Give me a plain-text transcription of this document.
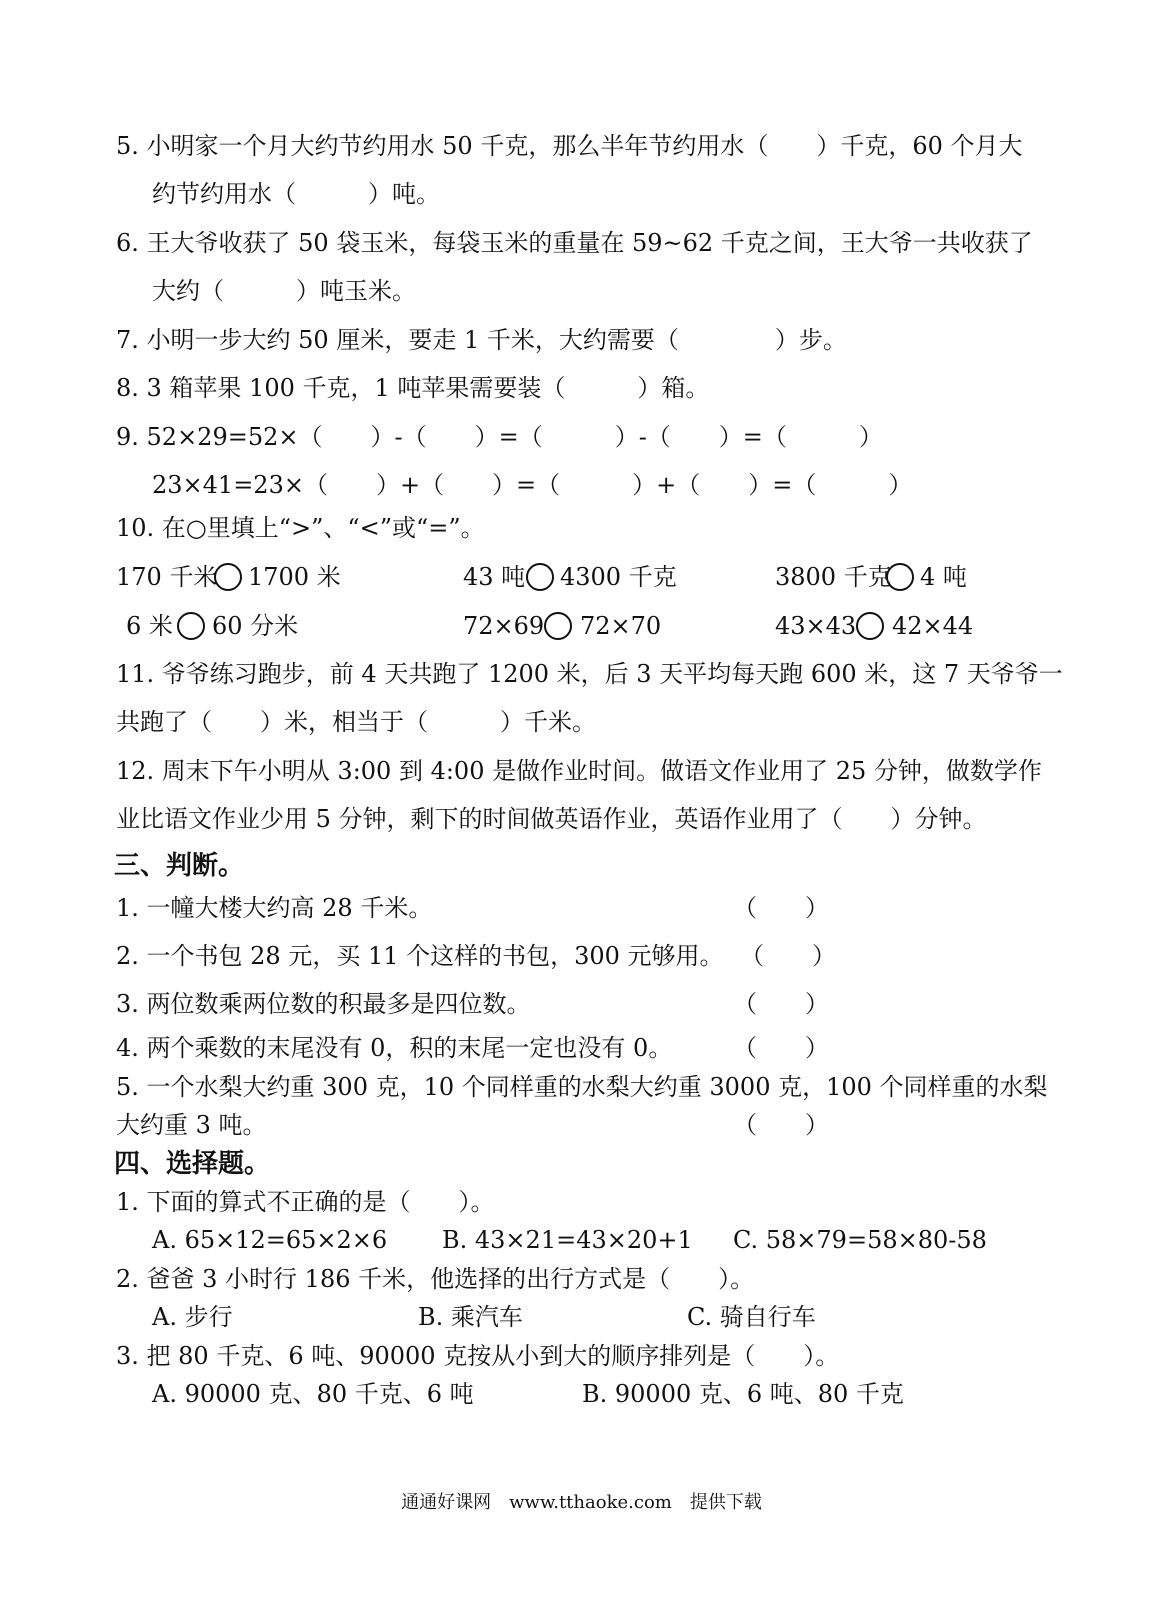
5. 小明家一个月大约节约用水 50 千克，那么半年节约用水（　　）千克，60 个月大
约节约用水（　　　）吨。
6. 王大爷收获了 50 袋玉米，每袋玉米的重量在 59~62 千克之间，王大爷一共收获了
大约（　　　）吨玉米。
7. 小明一步大约 50 厘米，要走 1 千米，大约需要（　　　　）步。
8. 3 箱苹果 100 千克，1 吨苹果需要装（　　　）箱。
9. 52×29=52×（　　）-（　　）=（　　　）-（　　）=（　　　）
23×41=23×（　　）+（　　）=（　　　）+（　　）=（　　　）
10. 在○里填上“>”、“<”或“=”。
170 千米 1700 米	43 吨 4300 千克	3800 千克 4 吨
6 米 60 分米	72×69 72×70	43×43 42×44
11. 爷爷练习跑步，前 4 天共跑了 1200 米，后 3 天平均每天跑 600 米，这 7 天爷爷一
共跑了（　　）米，相当于（　　　）千米。
12. 周末下午小明从 3:00 到 4:00 是做作业时间。做语文作业用了 25 分钟，做数学作
业比语文作业少用 5 分钟，剩下的时间做英语作业，英语作业用了（　　）分钟。
三、判断。
1. 一幢大楼大约高 28 千米。	（　　）
2. 一个书包 28 元，买 11 个这样的书包，300 元够用。 （　　）
3. 两位数乘两位数的积最多是四位数。	（　　）
4. 两个乘数的末尾没有 0，积的末尾一定也没有 0。	（　　）
5. 一个水梨大约重 300 克，10 个同样重的水梨大约重 3000 克，100 个同样重的水梨
大约重 3 吨。	（　　）
四、选择题。
1. 下面的算式不正确的是（　　）。
A. 65×12=65×2×6 B. 43×21=43×20+1 C. 58×79=58×80-58
2. 爸爸 3 小时行 186 千米，他选择的出行方式是（　　）。
A. 步行	B. 乘汽车	C. 骑自行车
3. 把 80 千克、6 吨、90000 克按从小到大的顺序排列是（　　）。
A. 90000 克、80 千克、6 吨	B. 90000 克、6 吨、80 千克
通通好课网　www.tthaoke.com　提供下载
